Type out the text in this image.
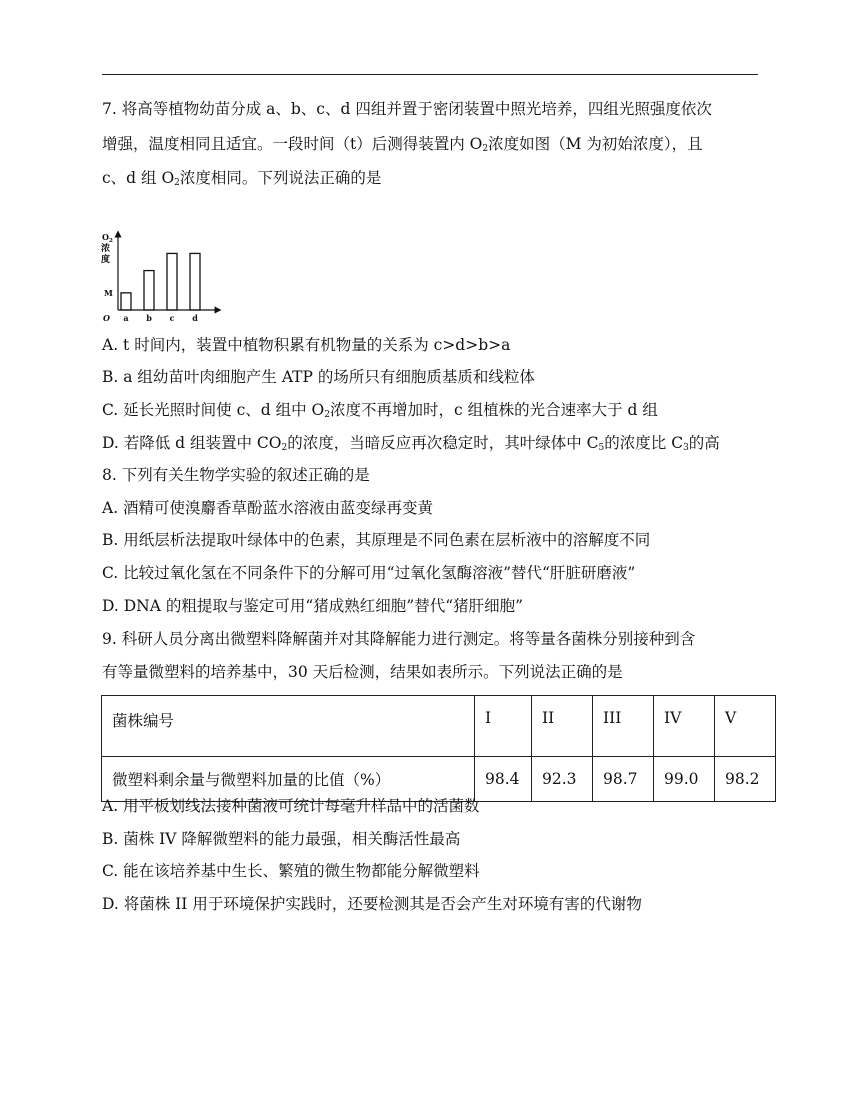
7. 将高等植物幼苗分成 a、b、c、d 四组并置于密闭装置中照光培养，四组光照强度依次
增强，温度相同且适宜。一段时间（t）后测得装置内 $O_2$浓度如图（M 为初始浓度），且
c、d 组 $O_2$浓度相同。下列说法正确的是
$O_2$
浓
度
M
O a b c d
A. t 时间内，装置中植物积累有机物量的关系为 c>d>b>a
B. a 组幼苗叶肉细胞产生 ATP 的场所只有细胞质基质和线粒体
C. 延长光照时间使 c、d 组中 $O_2$浓度不再增加时，c 组植株的光合速率大于 d 组
D. 若降低 d 组装置中 $CO_2$的浓度，当暗反应再次稳定时，其叶绿体中 $C_5$的浓度比 $C_3$的高
8. 下列有关生物学实验的叙述正确的是
A. 酒精可使溴麝香草酚蓝水溶液由蓝变绿再变黄
B. 用纸层析法提取叶绿体中的色素，其原理是不同色素在层析液中的溶解度不同
C. 比较过氧化氢在不同条件下的分解可用“过氧化氢酶溶液”替代“肝脏研磨液”
D. DNA 的粗提取与鉴定可用“猪成熟红细胞”替代“猪肝细胞”
9. 科研人员分离出微塑料降解菌并对其降解能力进行测定。将等量各菌株分别接种到含
有等量微塑料的培养基中，30 天后检测，结果如表所示。下列说法正确的是
菌株编号	I	II	III	IV	V
微塑料剩余量与微塑料加量的比值（%）	98.4	92.3	98.7	99.0	98.2
A. 用平板划线法接种菌液可统计每毫升样品中的活菌数
B. 菌株 IV 降解微塑料的能力最强，相关酶活性最高
C. 能在该培养基中生长、繁殖的微生物都能分解微塑料
D. 将菌株 II 用于环境保护实践时，还要检测其是否会产生对环境有害的代谢物
